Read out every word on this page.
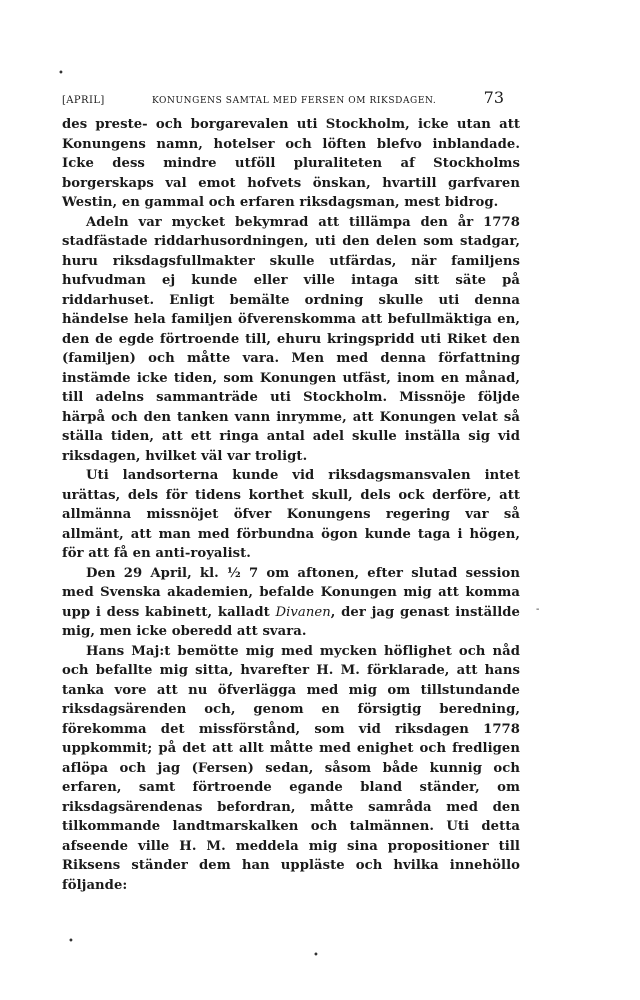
•
[APRIL]	KONUNGENS SAMTAL MED FERSEN OM RIKSDAGEN.	73

des preste- och borgarevalen uti Stockholm, icke utan att Konungens namn, hotelser och löften blefvo inblandade. Icke dess mindre utföll pluraliteten af Stockholms borgerskaps val emot hofvets önskan, hvartill garfvaren Westin, en gammal och erfaren riksdagsman, mest bidrog.

Adeln var mycket bekymrad att tillämpa den år 1778 stadfästade riddarhusordningen, uti den delen som stadgar, huru riksdagsfullmakter skulle utfärdas, när familjens hufvudman ej kunde eller ville intaga sitt säte på riddarhuset. Enligt bemälte ordning skulle uti denna händelse hela familjen öfverenskomma att befullmäktiga en, den de egde förtroende till, ehuru kringspridd uti Riket den (familjen) och måtte vara. Men med denna författning instämde icke tiden, som Konungen utfäst, inom en månad, till adelns sammanträde uti Stockholm. Missnöje följde härpå och den tanken vann inrymme, att Konungen velat så ställa tiden, att ett ringa antal adel skulle inställa sig vid riksdagen, hvilket väl var troligt.

Uti landsorterna kunde vid riksdagsmansvalen intet urättas, dels för tidens korthet skull, dels ock derföre, att allmänna missnöjet öfver Konungens regering var så allmänt, att man med förbundna ögon kunde taga i högen, för att få en anti-royalist.

Den 29 April, kl. ½ 7 om aftonen, efter slutad session med Svenska akademien, befalde Konungen mig att komma upp i dess kabinett, kalladt Divanen, der jag genast inställde mig, men icke oberedd att svara.

Hans Maj:t bemötte mig med mycken höflighet och nåd och befallte mig sitta, hvarefter H. M. förklarade, att hans tanka vore att nu öfverlägga med mig om tillstundande riksdagsärenden och, genom en försigtig beredning, förekomma det missförstånd, som vid riksdagen 1778 uppkommit; på det att allt måtte med enighet och fredligen aflöpa och jag (Fersen) sedan, såsom både kunnig och erfaren, samt förtroende egande bland ständer, om riksdagsärendenas befordran, måtte samråda med den tilkommande landtmarskalken och talmännen. Uti detta afseende ville H. M. meddela mig sina propositioner till Riksens ständer dem han uppläste och hvilka innehöllo följande:

-
•
•
